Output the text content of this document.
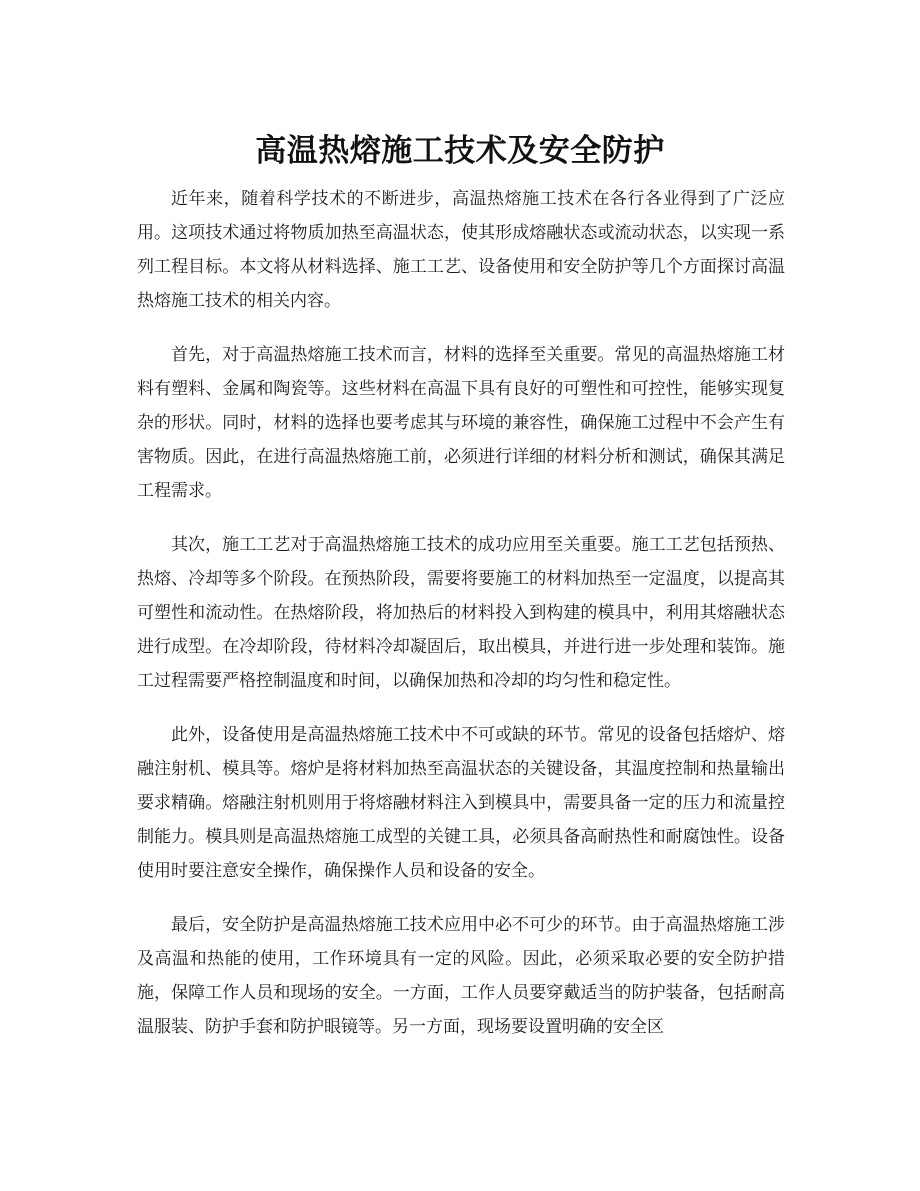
高温热熔施工技术及安全防护

近年来，随着科学技术的不断进步，高温热熔施工技术在各行各业得到了广泛应用。这项技术通过将物质加热至高温状态，使其形成熔融状态或流动状态，以实现一系列工程目标。本文将从材料选择、施工工艺、设备使用和安全防护等几个方面探讨高温热熔施工技术的相关内容。

首先，对于高温热熔施工技术而言，材料的选择至关重要。常见的高温热熔施工材料有塑料、金属和陶瓷等。这些材料在高温下具有良好的可塑性和可控性，能够实现复杂的形状。同时，材料的选择也要考虑其与环境的兼容性，确保施工过程中不会产生有害物质。因此，在进行高温热熔施工前，必须进行详细的材料分析和测试，确保其满足工程需求。

其次，施工工艺对于高温热熔施工技术的成功应用至关重要。施工工艺包括预热、热熔、冷却等多个阶段。在预热阶段，需要将要施工的材料加热至一定温度，以提高其可塑性和流动性。在热熔阶段，将加热后的材料投入到构建的模具中，利用其熔融状态进行成型。在冷却阶段，待材料冷却凝固后，取出模具，并进行进一步处理和装饰。施工过程需要严格控制温度和时间，以确保加热和冷却的均匀性和稳定性。

此外，设备使用是高温热熔施工技术中不可或缺的环节。常见的设备包括熔炉、熔融注射机、模具等。熔炉是将材料加热至高温状态的关键设备，其温度控制和热量输出要求精确。熔融注射机则用于将熔融材料注入到模具中，需要具备一定的压力和流量控制能力。模具则是高温热熔施工成型的关键工具，必须具备高耐热性和耐腐蚀性。设备使用时要注意安全操作，确保操作人员和设备的安全。

最后，安全防护是高温热熔施工技术应用中必不可少的环节。由于高温热熔施工涉及高温和热能的使用，工作环境具有一定的风险。因此，必须采取必要的安全防护措施，保障工作人员和现场的安全。一方面，工作人员要穿戴适当的防护装备，包括耐高温服装、防护手套和防护眼镜等。另一方面，现场要设置明确的安全区
